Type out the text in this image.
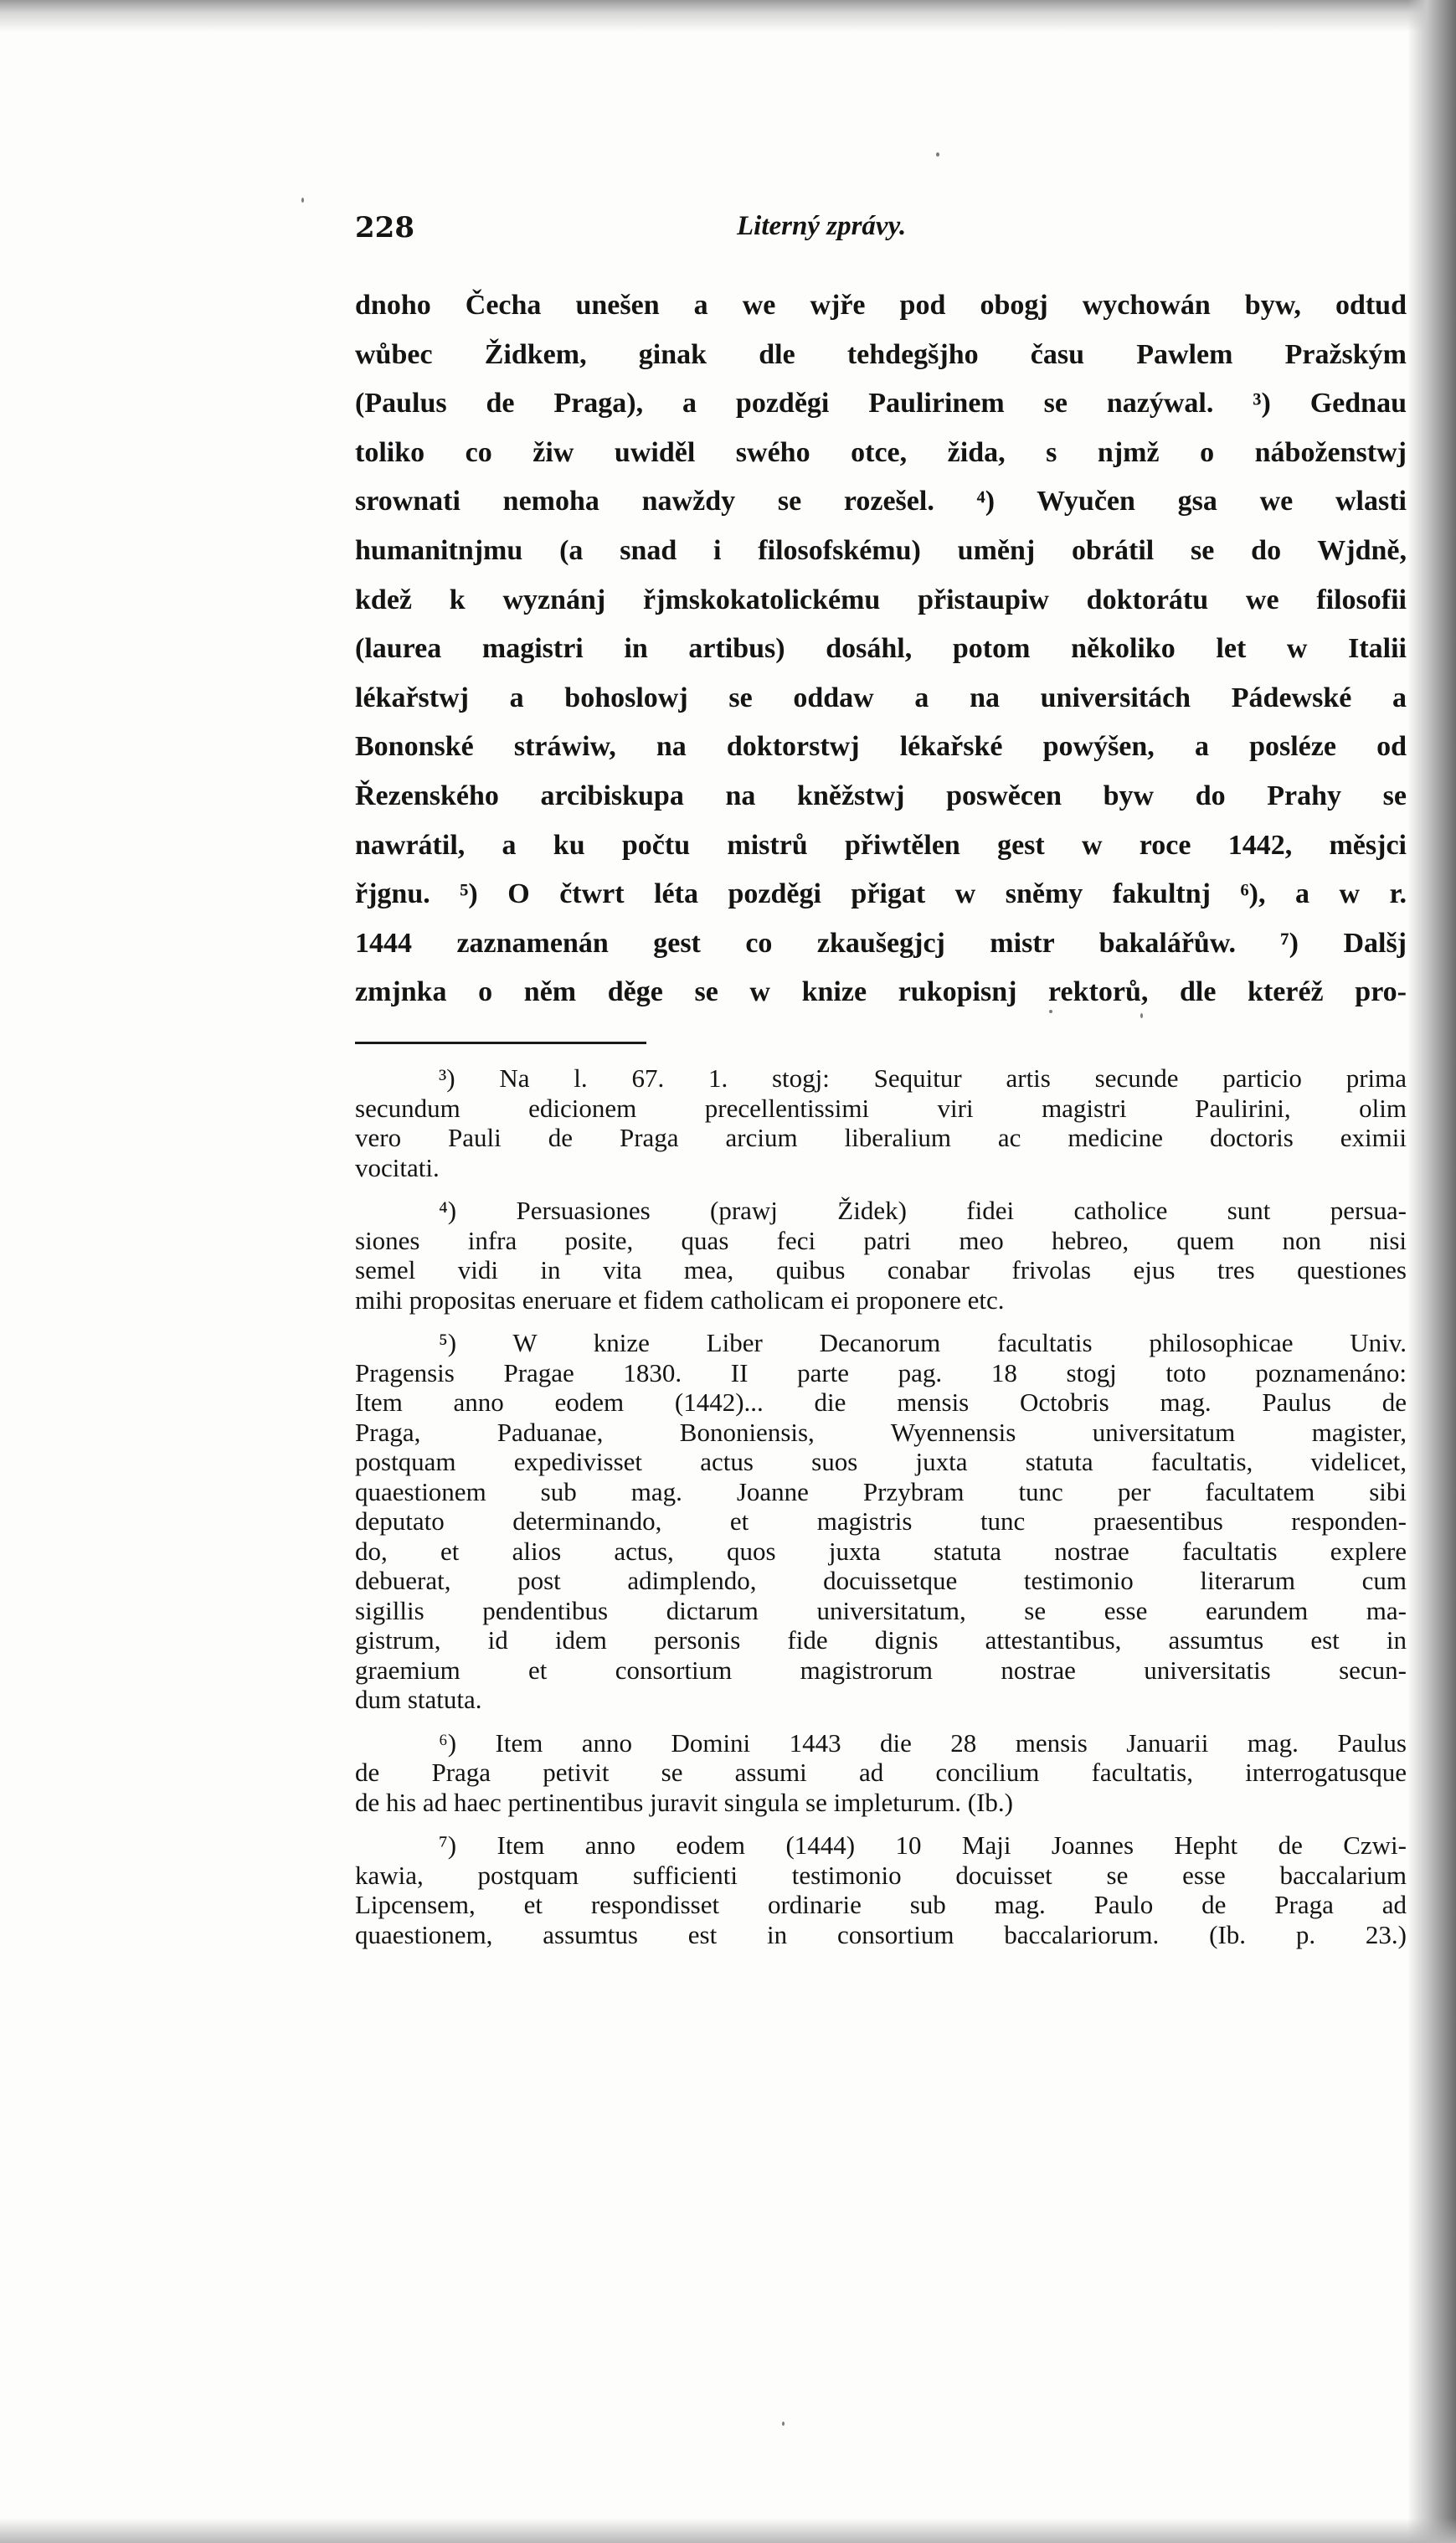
228	Literný zprávy.
dnoho Čecha unešen a we wjře pod obogj wychowán byw, odtud
wůbec Židkem, ginak dle tehdegšjho času Pawlem Pražským
(Paulus de Praga), a pozděgi Paulirinem se nazýwal. ³) Gednau
toliko co žiw uwiděl swého otce, žida, s njmž o náboženstwj
srownati nemoha nawždy se rozešel. ⁴) Wyučen gsa we wlasti
humanitnjmu (a snad i filosofskému) uměnj obrátil se do Wjdně,
kdež k wyznánj řjmskokatolickému přistaupiw doktorátu we filosofii
(laurea magistri in artibus) dosáhl, potom několiko let w Italii
lékařstwj a bohoslowj se oddaw a na universitách Pádewské a
Bononské stráwiw, na doktorstwj lékařské powýšen, a posléze od
Řezenského arcibiskupa na kněžstwj poswěcen byw do Prahy se
nawrátil, a ku počtu mistrů přiwtělen gest w roce 1442, měsjci
řjgnu. ⁵) O čtwrt léta pozděgi přigat w sněmy fakultnj ⁶), a w r.
1444 zaznamenán gest co zkaušegjcj mistr bakalářůw. ⁷) Dalšj
zmjnka o něm děge se w knize rukopisnj rektorů, dle kteréž pro-
³) Na l. 67. 1. stogj: Sequitur artis secunde particio prima
secundum edicionem precellentissimi viri magistri Paulirini, olim
vero Pauli de Praga arcium liberalium ac medicine doctoris eximii
vocitati.
⁴) Persuasiones (prawj Židek) fidei catholice sunt persua-
siones infra posite, quas feci patri meo hebreo, quem non nisi
semel vidi in vita mea, quibus conabar frivolas ejus tres questiones
mihi propositas eneruare et fidem catholicam ei proponere etc.
⁵) W knize Liber Decanorum facultatis philosophicae Univ.
Pragensis Pragae 1830. II parte pag. 18 stogj toto poznamenáno:
Item anno eodem (1442)... die mensis Octobris mag. Paulus de
Praga, Paduanae, Bononiensis, Wyennensis universitatum magister,
postquam expedivisset actus suos juxta statuta facultatis, videlicet,
quaestionem sub mag. Joanne Przybram tunc per facultatem sibi
deputato determinando, et magistris tunc praesentibus responden-
do, et alios actus, quos juxta statuta nostrae facultatis explere
debuerat, post adimplendo, docuissetque testimonio literarum cum
sigillis pendentibus dictarum universitatum, se esse earundem ma-
gistrum, id idem personis fide dignis attestantibus, assumtus est in
graemium et consortium magistrorum nostrae universitatis secun-
dum statuta.
⁶) Item anno Domini 1443 die 28 mensis Januarii mag. Paulus
de Praga petivit se assumi ad concilium facultatis, interrogatusque
de his ad haec pertinentibus juravit singula se impleturum. (Ib.)
⁷) Item anno eodem (1444) 10 Maji Joannes Hepht de Czwi-
kawia, postquam sufficienti testimonio docuisset se esse baccalarium
Lipcensem, et respondisset ordinarie sub mag. Paulo de Praga ad
quaestionem, assumtus est in consortium baccalariorum. (Ib. p. 23.)
